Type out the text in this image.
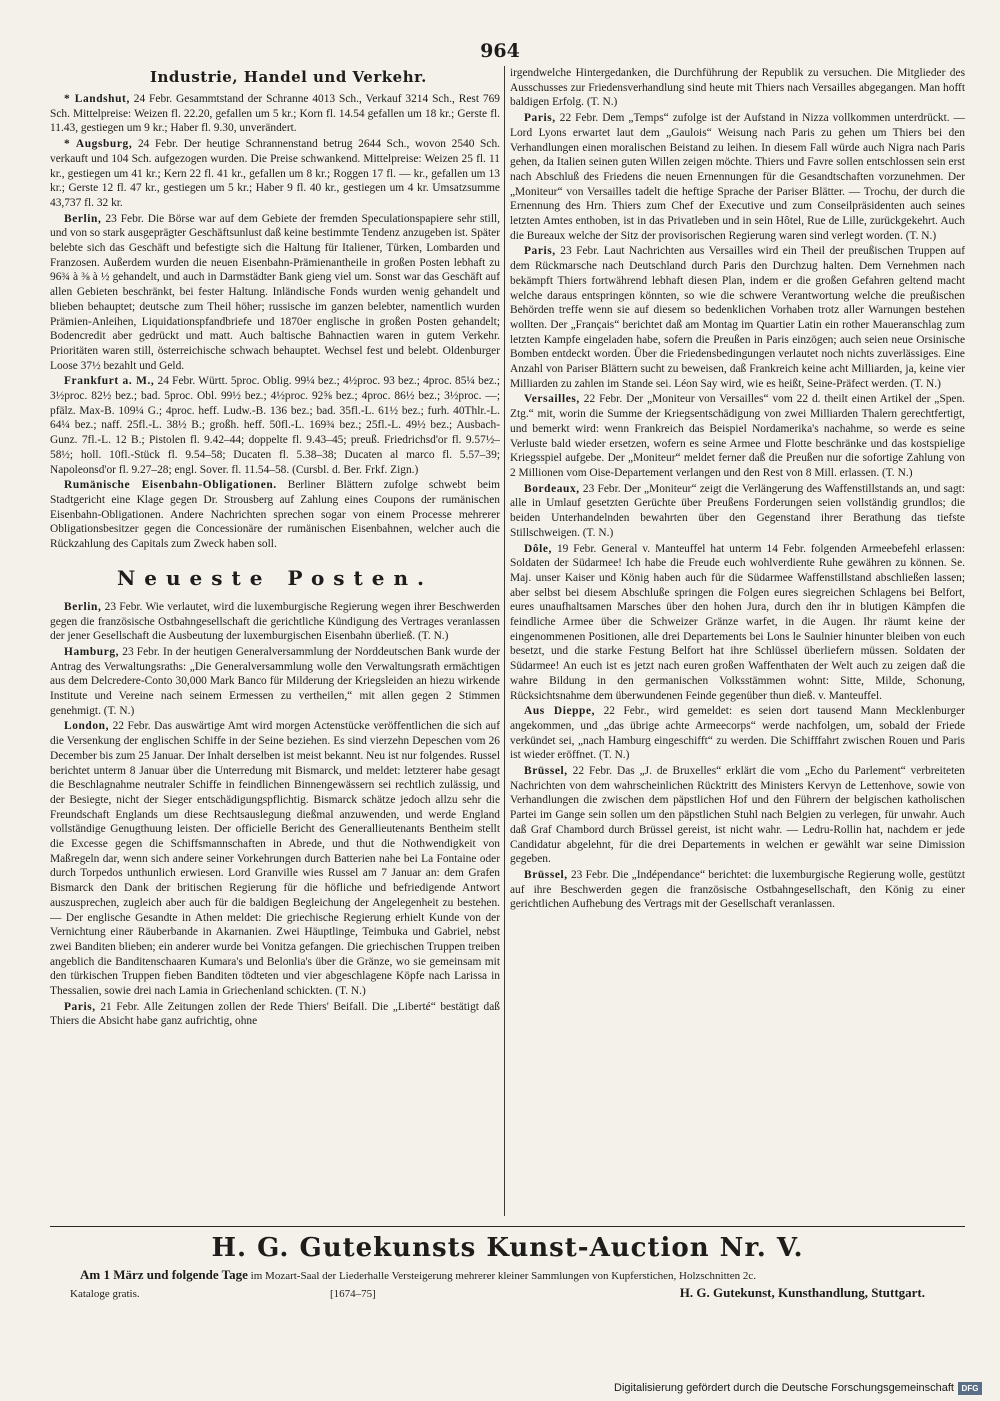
964
Industrie, Handel und Verkehr.

* Landshut, 24 Febr. Gesammtstand der Schranne 4013 Sch., Verkauf 3214 Sch., Rest 769 Sch. Mittelpreise: Weizen fl. 22.20, gefallen um 5 kr.; Korn fl. 14.54 gefallen um 18 kr.; Gerste fl. 11.43, gestiegen um 9 kr.; Haber fl. 9.30, unverändert.

* Augsburg, 24 Febr. Der heutige Schrannenstand betrug 2644 Sch., wovon 2540 Sch. verkauft und 104 Sch. aufgezogen wurden. Die Preise schwankend. Mittelpreise: Weizen 25 fl. 11 kr., gestiegen um 41 kr.; Kern 22 fl. 41 kr., gefallen um 8 kr.; Roggen 17 fl. — kr., gefallen um 13 kr.; Gerste 12 fl. 47 kr., gestiegen um 5 kr.; Haber 9 fl. 40 kr., gestiegen um 4 kr. Umsatzsumme 43,737 fl. 32 kr.

Berlin, 23 Febr. Die Börse war auf dem Gebiete der fremden Speculationspapiere sehr still, und von so stark ausgeprägter Geschäftsunlust daß keine bestimmte Tendenz anzugeben ist. Später belebte sich das Geschäft und befestigte sich die Haltung für Italiener, Türken, Lombarden und Franzosen. Außerdem wurden die neuen Eisenbahn-Prämienantheile in großen Posten lebhaft zu 96¾ à ⅜ à ½ gehandelt, und auch in Darmstädter Bank gieng viel um. Sonst war das Geschäft auf allen Gebieten beschränkt, bei fester Haltung. Inländische Fonds wurden wenig gehandelt und blieben behauptet; deutsche zum Theil höher; russische im ganzen belebter, namentlich wurden Prämien-Anleihen, Liquidationspfandbriefe und 1870er englische in großen Posten gehandelt; Bodencredit aber gedrückt und matt. Auch baltische Bahnactien waren in gutem Verkehr. Prioritäten waren still, österreichische schwach behauptet. Wechsel fest und belebt. Oldenburger Loose 37½ bezahlt und Geld.

Frankfurt a. M., 24 Febr. Württ. 5proc. Oblig. 99¼ bez.; 4½proc. 93 bez.; 4proc. 85¼ bez.; 3½proc. 82½ bez.; bad. 5proc. Obl. 99½ bez.; 4½proc. 92⅝ bez.; 4proc. 86½ bez.; 3½proc. —; pfälz. Max-B. 109¼ G.; 4proc. heff. Ludw.-B. 136 bez.; bad. 35fl.-L. 61½ bez.; furh. 40Thlr.-L. 64¼ bez.; naff. 25fl.-L. 38½ B.; großh. heff. 50fl.-L. 169¾ bez.; 25fl.-L. 49½ bez.; Ausbach-Gunz. 7fl.-L. 12 B.; Pistolen fl. 9.42–44; doppelte fl. 9.43–45; preuß. Friedrichsd'or fl. 9.57½–58½; holl. 10fl.-Stück fl. 9.54–58; Ducaten fl. 5.38–38; Ducaten al marco fl. 5.57–39; Napoleonsd'or fl. 9.27–28; engl. Sover. fl. 11.54–58. (Cursbl. d. Ber. Frkf. Zign.)

Rumänische Eisenbahn-Obligationen. Berliner Blättern zufolge schwebt beim Stadtgericht eine Klage gegen Dr. Strousberg auf Zahlung eines Coupons der rumänischen Eisenbahn-Obligationen. Andere Nachrichten sprechen sogar von einem Processe mehrerer Obligationsbesitzer gegen die Concessionäre der rumänischen Eisenbahnen, welcher auch die Rückzahlung des Capitals zum Zweck haben soll.

Neueste Posten.

Berlin, 23 Febr. Wie verlautet, wird die luxemburgische Regierung wegen ihrer Beschwerden gegen die französische Ostbahngesellschaft die gerichtliche Kündigung des Vertrages veranlassen der jener Gesellschaft die Ausbeutung der luxemburgischen Eisenbahn überließ. (T. N.)

Hamburg, 23 Febr. In der heutigen Generalversammlung der Norddeutschen Bank wurde der Antrag des Verwaltungsraths: „Die Generalversammlung wolle den Verwaltungsrath ermächtigen aus dem Delcredere-Conto 30,000 Mark Banco für Milderung der Kriegsleiden an hiezu wirkende Institute und Vereine nach seinem Ermessen zu vertheilen,“ mit allen gegen 2 Stimmen genehmigt. (T. N.)

London, 22 Febr. Das auswärtige Amt wird morgen Actenstücke veröffentlichen die sich auf die Versenkung der englischen Schiffe in der Seine beziehen. Es sind vierzehn Depeschen vom 26 December bis zum 25 Januar. Der Inhalt derselben ist meist bekannt. Neu ist nur folgendes. Russel berichtet unterm 8 Januar über die Unterredung mit Bismarck, und meldet: letzterer habe gesagt die Beschlagnahme neutraler Schiffe in feindlichen Binnengewässern sei rechtlich zulässig, und der Besiegte, nicht der Sieger entschädigungspflichtig. Bismarck schätze jedoch allzu sehr die Freundschaft Englands um diese Rechtsauslegung dießmal anzuwenden, und werde England vollständige Genugthuung leisten. Der officielle Bericht des Generallieutenants Bentheim stellt die Excesse gegen die Schiffsmannschaften in Abrede, und thut die Nothwendigkeit von Maßregeln dar, wenn sich andere seiner Vorkehrungen durch Batterien nahe bei La Fontaine oder durch Torpedos unthunlich erwiesen. Lord Granville wies Russel am 7 Januar an: dem Grafen Bismarck den Dank der britischen Regierung für die höfliche und befriedigende Antwort auszusprechen, zugleich aber auch für die baldigen Begleichung der Angelegenheit zu bestehen. — Der englische Gesandte in Athen meldet: Die griechische Regierung erhielt Kunde von der Vernichtung einer Räuberbande in Akarnanien. Zwei Häuptlinge, Teimbuka und Gabriel, nebst zwei Banditen blieben; ein anderer wurde bei Vonitza gefangen. Die griechischen Truppen treiben angeblich die Banditenschaaren Kumara's und Belonlia's über die Gränze, wo sie gemeinsam mit den türkischen Truppen fieben Banditen tödteten und vier abgeschlagene Köpfe nach Larissa in Thessalien, sowie drei nach Lamia in Griechenland schickten. (T. N.)

Paris, 21 Febr. Alle Zeitungen zollen der Rede Thiers' Beifall. Die „Liberté“ bestätigt daß Thiers die Absicht habe ganz aufrichtig, ohne

irgendwelche Hintergedanken, die Durchführung der Republik zu versuchen. Die Mitglieder des Ausschusses zur Friedensverhandlung sind heute mit Thiers nach Versailles abgegangen. Man hofft baldigen Erfolg. (T. N.)

Paris, 22 Febr. Dem „Temps“ zufolge ist der Aufstand in Nizza vollkommen unterdrückt. — Lord Lyons erwartet laut dem „Gaulois“ Weisung nach Paris zu gehen um Thiers bei den Verhandlungen einen moralischen Beistand zu leihen. In diesem Fall würde auch Nigra nach Paris gehen, da Italien seinen guten Willen zeigen möchte. Thiers und Favre sollen entschlossen sein erst nach Abschluß des Friedens die neuen Ernennungen für die Gesandtschaften vorzunehmen. Der „Moniteur“ von Versailles tadelt die heftige Sprache der Pariser Blätter. — Trochu, der durch die Ernennung des Hrn. Thiers zum Chef der Executive und zum Conseilpräsidenten auch seines letzten Amtes enthoben, ist in das Privatleben und in sein Hôtel, Rue de Lille, zurückgekehrt. Auch die Bureaux welche der Sitz der provisorischen Regierung waren sind verlegt worden. (T. N.)

Paris, 23 Febr. Laut Nachrichten aus Versailles wird ein Theil der preußischen Truppen auf dem Rückmarsche nach Deutschland durch Paris den Durchzug halten. Dem Vernehmen nach bekämpft Thiers fortwährend lebhaft diesen Plan, indem er die großen Gefahren geltend macht welche daraus entspringen könnten, so wie die schwere Verantwortung welche die preußischen Behörden treffe wenn sie auf diesem so bedenklichen Vorhaben trotz aller Warnungen bestehen wollten. Der „Français“ berichtet daß am Montag im Quartier Latin ein rother Maueranschlag zum letzten Kampfe eingeladen habe, sofern die Preußen in Paris einzögen; auch seien neue Orsinische Bomben entdeckt worden. Über die Friedensbedingungen verlautet noch nichts zuverlässiges. Eine Anzahl von Pariser Blättern sucht zu beweisen, daß Frankreich keine acht Milliarden, ja, keine vier Milliarden zu zahlen im Stande sei. Léon Say wird, wie es heißt, Seine-Präfect werden. (T. N.)

Versailles, 22 Febr. Der „Moniteur von Versailles“ vom 22 d. theilt einen Artikel der „Spen. Ztg.“ mit, worin die Summe der Kriegsentschädigung von zwei Milliarden Thalern gerechtfertigt, und bemerkt wird: wenn Frankreich das Beispiel Nordamerika's nachahme, so werde es seine Verluste bald wieder ersetzen, wofern es seine Armee und Flotte beschränke und das kostspielige Kriegsspiel aufgebe. Der „Moniteur“ meldet ferner daß die Preußen nur die sofortige Zahlung von 2 Millionen vom Oise-Departement verlangen und den Rest von 8 Mill. erlassen. (T. N.)

Bordeaux, 23 Febr. Der „Moniteur“ zeigt die Verlängerung des Waffenstillstands an, und sagt: alle in Umlauf gesetzten Gerüchte über Preußens Forderungen seien vollständig grundlos; die beiden Unterhandelnden bewahrten über den Gegenstand ihrer Berathung das tiefste Stillschweigen. (T. N.)

Dôle, 19 Febr. General v. Manteuffel hat unterm 14 Febr. folgenden Armeebefehl erlassen: Soldaten der Südarmee! Ich habe die Freude euch wohlverdiente Ruhe gewähren zu können. Se. Maj. unser Kaiser und König haben auch für die Südarmee Waffenstillstand abschließen lassen; aber selbst bei diesem Abschluße springen die Folgen eures siegreichen Schlagens bei Belfort, eures unaufhaltsamen Marsches über den hohen Jura, durch den ihr in blutigen Kämpfen die feindliche Armee über die Schweizer Gränze warfet, in die Augen. Ihr räumt keine der eingenommenen Positionen, alle drei Departements bei Lons le Saulnier hinunter bleiben von euch besetzt, und die starke Festung Belfort hat ihre Schlüssel überliefern müssen. Soldaten der Südarmee! An euch ist es jetzt nach euren großen Waffenthaten der Welt auch zu zeigen daß die wahre Bildung in den germanischen Volksstämmen wohnt: Sitte, Milde, Schonung, Rücksichtsnahme dem überwundenen Feinde gegenüber thun dieß. v. Manteuffel.

Aus Dieppe, 22 Febr., wird gemeldet: es seien dort tausend Mann Mecklenburger angekommen, und „das übrige achte Armeecorps“ werde nachfolgen, um, sobald der Friede verkündet sei, „nach Hamburg eingeschifft“ zu werden. Die Schifffahrt zwischen Rouen und Paris ist wieder eröffnet. (T. N.)

Brüssel, 22 Febr. Das „J. de Bruxelles“ erklärt die vom „Echo du Parlement“ verbreiteten Nachrichten von dem wahrscheinlichen Rücktritt des Ministers Kervyn de Lettenhove, sowie von Verhandlungen die zwischen dem päpstlichen Hof und den Führern der belgischen katholischen Partei im Gange sein sollen um den päpstlichen Stuhl nach Belgien zu verlegen, für unwahr. Auch daß Graf Chambord durch Brüssel gereist, ist nicht wahr. — Ledru-Rollin hat, nachdem er jede Candidatur abgelehnt, für die drei Departements in welchen er gewählt war seine Dimission gegeben.

Brüssel, 23 Febr. Die „Indépendance“ berichtet: die luxemburgische Regierung wolle, gestützt auf ihre Beschwerden gegen die französische Ostbahngesellschaft, den König zu einer gerichtlichen Aufhebung des Vertrags mit der Gesellschaft veranlassen.

H. G. Gutekunsts Kunst-Auction Nr. V.
Am 1 März und folgende Tage im Mozart-Saal der Liederhalle Versteigerung mehrerer kleiner Sammlungen von Kupferstichen, Holzschnitten 2c.
Kataloge gratis.	[1674–75]	H. G. Gutekunst, Kunsthandlung, Stuttgart.
Digitalisierung gefördert durch die Deutsche Forschungsgemeinschaft DFG
